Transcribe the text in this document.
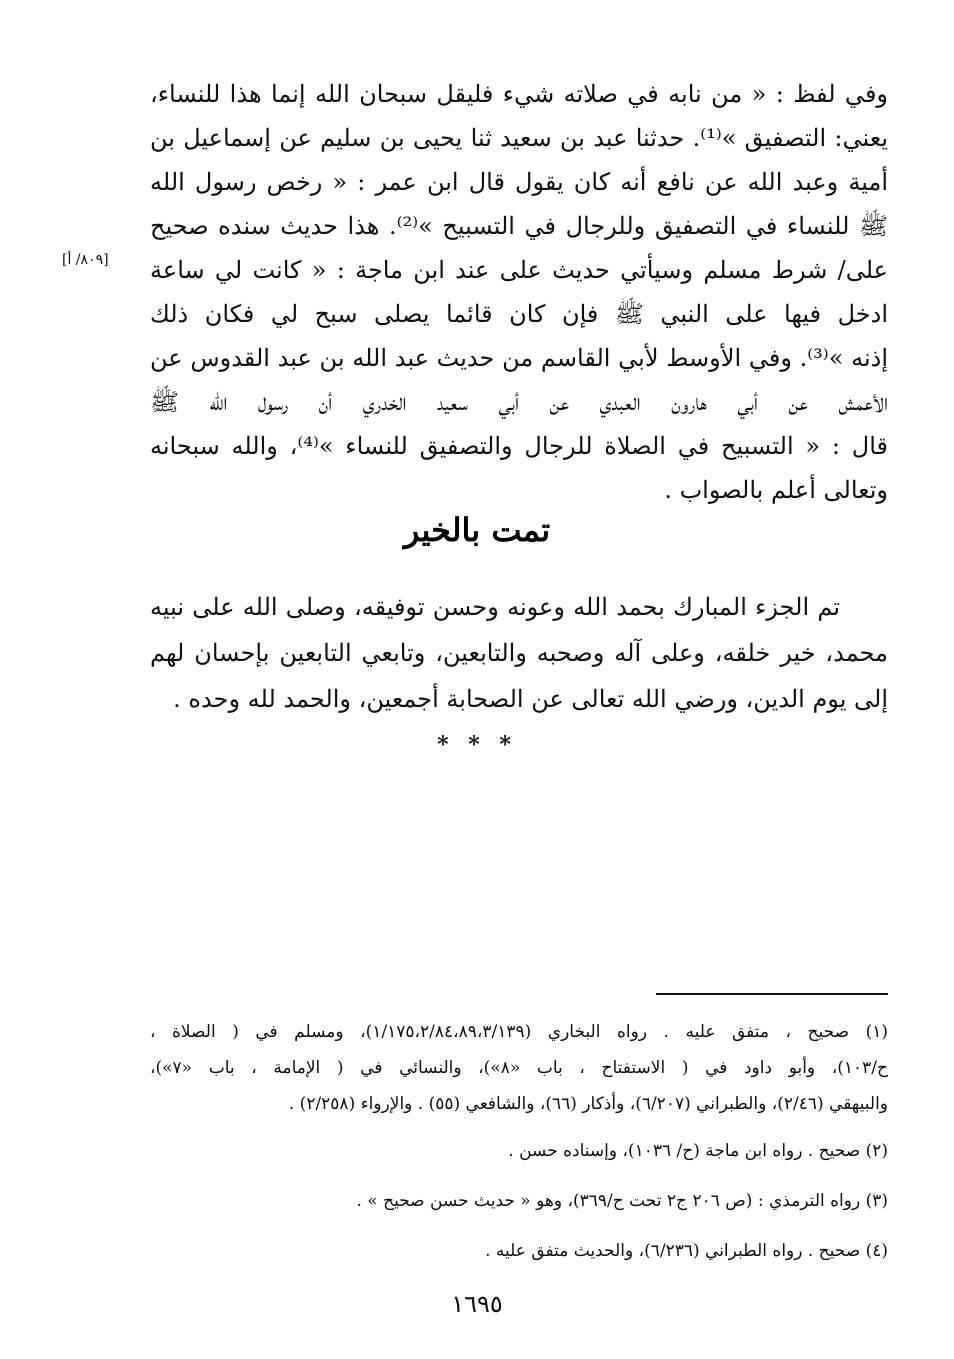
[٨٠٩/ أ]
وفي لفظ : « من نابه في صلاته شيء فليقل سبحان الله إنما هذا للنساء،
يعني: التصفيق »⁽¹⁾. حدثنا عبد بن سعيد ثنا يحيى بن سليم عن إسماعيل بن
أمية وعبد الله عن نافع أنه كان يقول قال ابن عمر : « رخص رسول الله
ﷺ للنساء في التصفيق وللرجال في التسبيح »⁽²⁾. هذا حديث سنده صحيح
على/ شرط مسلم وسيأتي حديث على عند ابن ماجة : « كانت لي ساعة
ادخل فيها على النبي ﷺ فإن كان قائما يصلى سبح لي فكان ذلك
إذنه »⁽³⁾. وفي الأوسط لأبي القاسم من حديث عبد الله بن عبد القدوس عن
الأعمش عن أبي هارون العبدي عن أبي سعيد الخدري أن رسول الله ﷺ
قال : « التسبيح في الصلاة للرجال والتصفيق للنساء »⁽⁴⁾، والله سبحانه
وتعالى أعلم بالصواب .
تمت بالخير
تم الجزء المبارك بحمد الله وعونه وحسن توفيقه، وصلى الله على نبيه
محمد، خير خلقه، وعلى آله وصحبه والتابعين، وتابعي التابعين بإحسان لهم
إلى يوم الدين، ورضي الله تعالى عن الصحابة أجمعين، والحمد لله وحده .
* * *
(١) صحيح ، متفق عليه . رواه البخاري (١/١٧٥،٢/٨٤،٨٩،٣/١٣٩)، ومسلم في ( الصلاة ،
ح/١٠٣)، وأبو داود في ( الاستفتاح ، باب «٨»)، والنسائي في ( الإمامة ، باب «٧»)،
والبيهقي (٢/٤٦)، والطبراني (٦/٢٠٧)، وأذكار (٦٦)، والشافعي (٥٥) . والإرواء (٢/٢٥٨) .
(٢) صحيح . رواه ابن ماجة (ح/ ١٠٣٦)، وإسناده حسن .
(٣) رواه الترمذي : (ص ٢٠٦ ج٢ تحت ح/٣٦٩)، وهو « حديث حسن صحيح » .
(٤) صحيح . رواه الطبراني (٦/٢٣٦)، والحديث متفق عليه .
١٦٩٥
